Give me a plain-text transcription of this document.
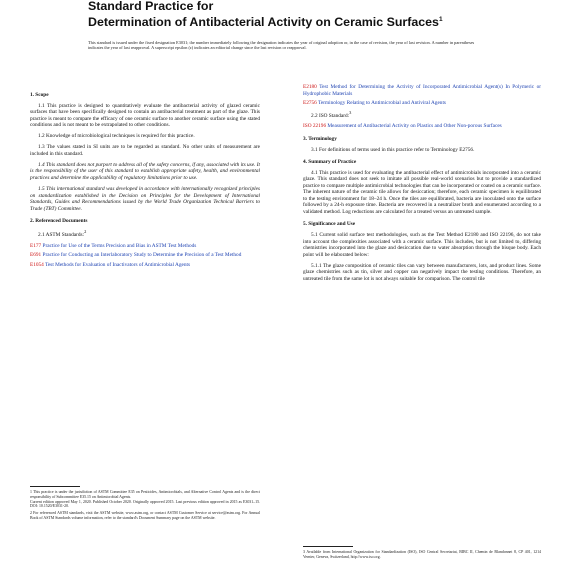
Standard Practice for
Determination of Antibacterial Activity on Ceramic Surfaces$^1$
This standard is issued under the fixed designation E3031; the number immediately following the designation indicates the year of original adoption or, in the case of revision, the year of last revision. A number in parentheses indicates the year of last reapproval. A superscript epsilon (ε) indicates an editorial change since the last revision or reapproval.
1. Scope
1.1 This practice is designed to quantitatively evaluate the antibacterial activity of glazed ceramic surfaces that have been specifically designed to contain an antibacterial treatment as part of the glaze. This practice is meant to compare the efficacy of one ceramic surface to another ceramic surface using the stated conditions and is not meant to be extrapolated to other conditions.
1.2 Knowledge of microbiological techniques is required for this practice.
1.3 The values stated in SI units are to be regarded as standard. No other units of measurement are included in this standard.
1.4 This standard does not purport to address all of the safety concerns, if any, associated with its use. It is the responsibility of the user of this standard to establish appropriate safety, health, and environmental practices and determine the applicability of regulatory limitations prior to use.
1.5 This international standard was developed in accordance with internationally recognized principles on standardization established in the Decision on Principles for the Development of International Standards, Guides and Recommendations issued by the World Trade Organization Technical Barriers to Trade (TBT) Committee.
2. Referenced Documents
2.1 ASTM Standards:$^2$
E177 Practice for Use of the Terms Precision and Bias in ASTM Test Methods
E691 Practice for Conducting an Interlaboratory Study to Determine the Precision of a Test Method
E1054 Test Methods for Evaluation of Inactivators of Antimicrobial Agents
1 This practice is under the jurisdiction of ASTM Committee E35 on Pesticides, Antimicrobials, and Alternative Control Agents and is the direct responsibility of Subcommittee E35.15 on Antimicrobial Agents.
Current edition approved May 1, 2020. Published October 2020. Originally approved 2015. Last previous edition approved in 2015 as E3031–15. DOI: 10.1520/E3031-20.
2 For referenced ASTM standards, visit the ASTM website, www.astm.org, or contact ASTM Customer Service at service@astm.org. For Annual Book of ASTM Standards volume information, refer to the standard's Document Summary page on the ASTM website.
E2180 Test Method for Determining the Activity of Incorporated Antimicrobial Agent(s) In Polymeric or Hydrophobic Materials
E2756 Terminology Relating to Antimicrobial and Antiviral Agents
2.2 ISO Standard:$^3$
ISO 22196 Measurement of Antibacterial Activity on Plastics and Other Non-porous Surfaces
3. Terminology
3.1 For definitions of terms used in this practice refer to Terminology E2756.
4. Summary of Practice
4.1 This practice is used for evaluating the antibacterial effect of antimicrobials incorporated into a ceramic glaze. This standard does not seek to imitate all possible real-world scenarios but to provide a standardized practice to compare multiple antimicrobial technologies that can be incorporated or coated on a ceramic surface. The inherent nature of the ceramic tile allows for desiccation; therefore, each ceramic specimen is equilibrated to the testing environment for 18–24 h. Once the tiles are equilibrated, bacteria are inoculated onto the surface followed by a 24-h exposure time. Bacteria are recovered in a neutralizer broth and enumerated according to a validated method. Log reductions are calculated for a treated versus an untreated sample.
5. Significance and Use
5.1 Current solid surface test methodologies, such as the Test Method E2180 and ISO 22196, do not take into account the complexities associated with a ceramic surface. This includes, but is not limited to, differing chemistries incorporated into the glaze and desiccation due to water absorption through the bisque body. Each point will be elaborated below:
5.1.1 The glaze composition of ceramic tiles can vary between manufacturers, lots, and product lines. Some glaze chemistries such as tin, silver and copper can negatively impact the testing conditions. Therefore, an untreated tile from the same lot is not always suitable for comparison. The control tile
3 Available from International Organization for Standardization (ISO), ISO Central Secretariat, BIBC II, Chemin de Blandonnet 8, CP 401, 1214 Vernier, Geneva, Switzerland, http://www.iso.org.
